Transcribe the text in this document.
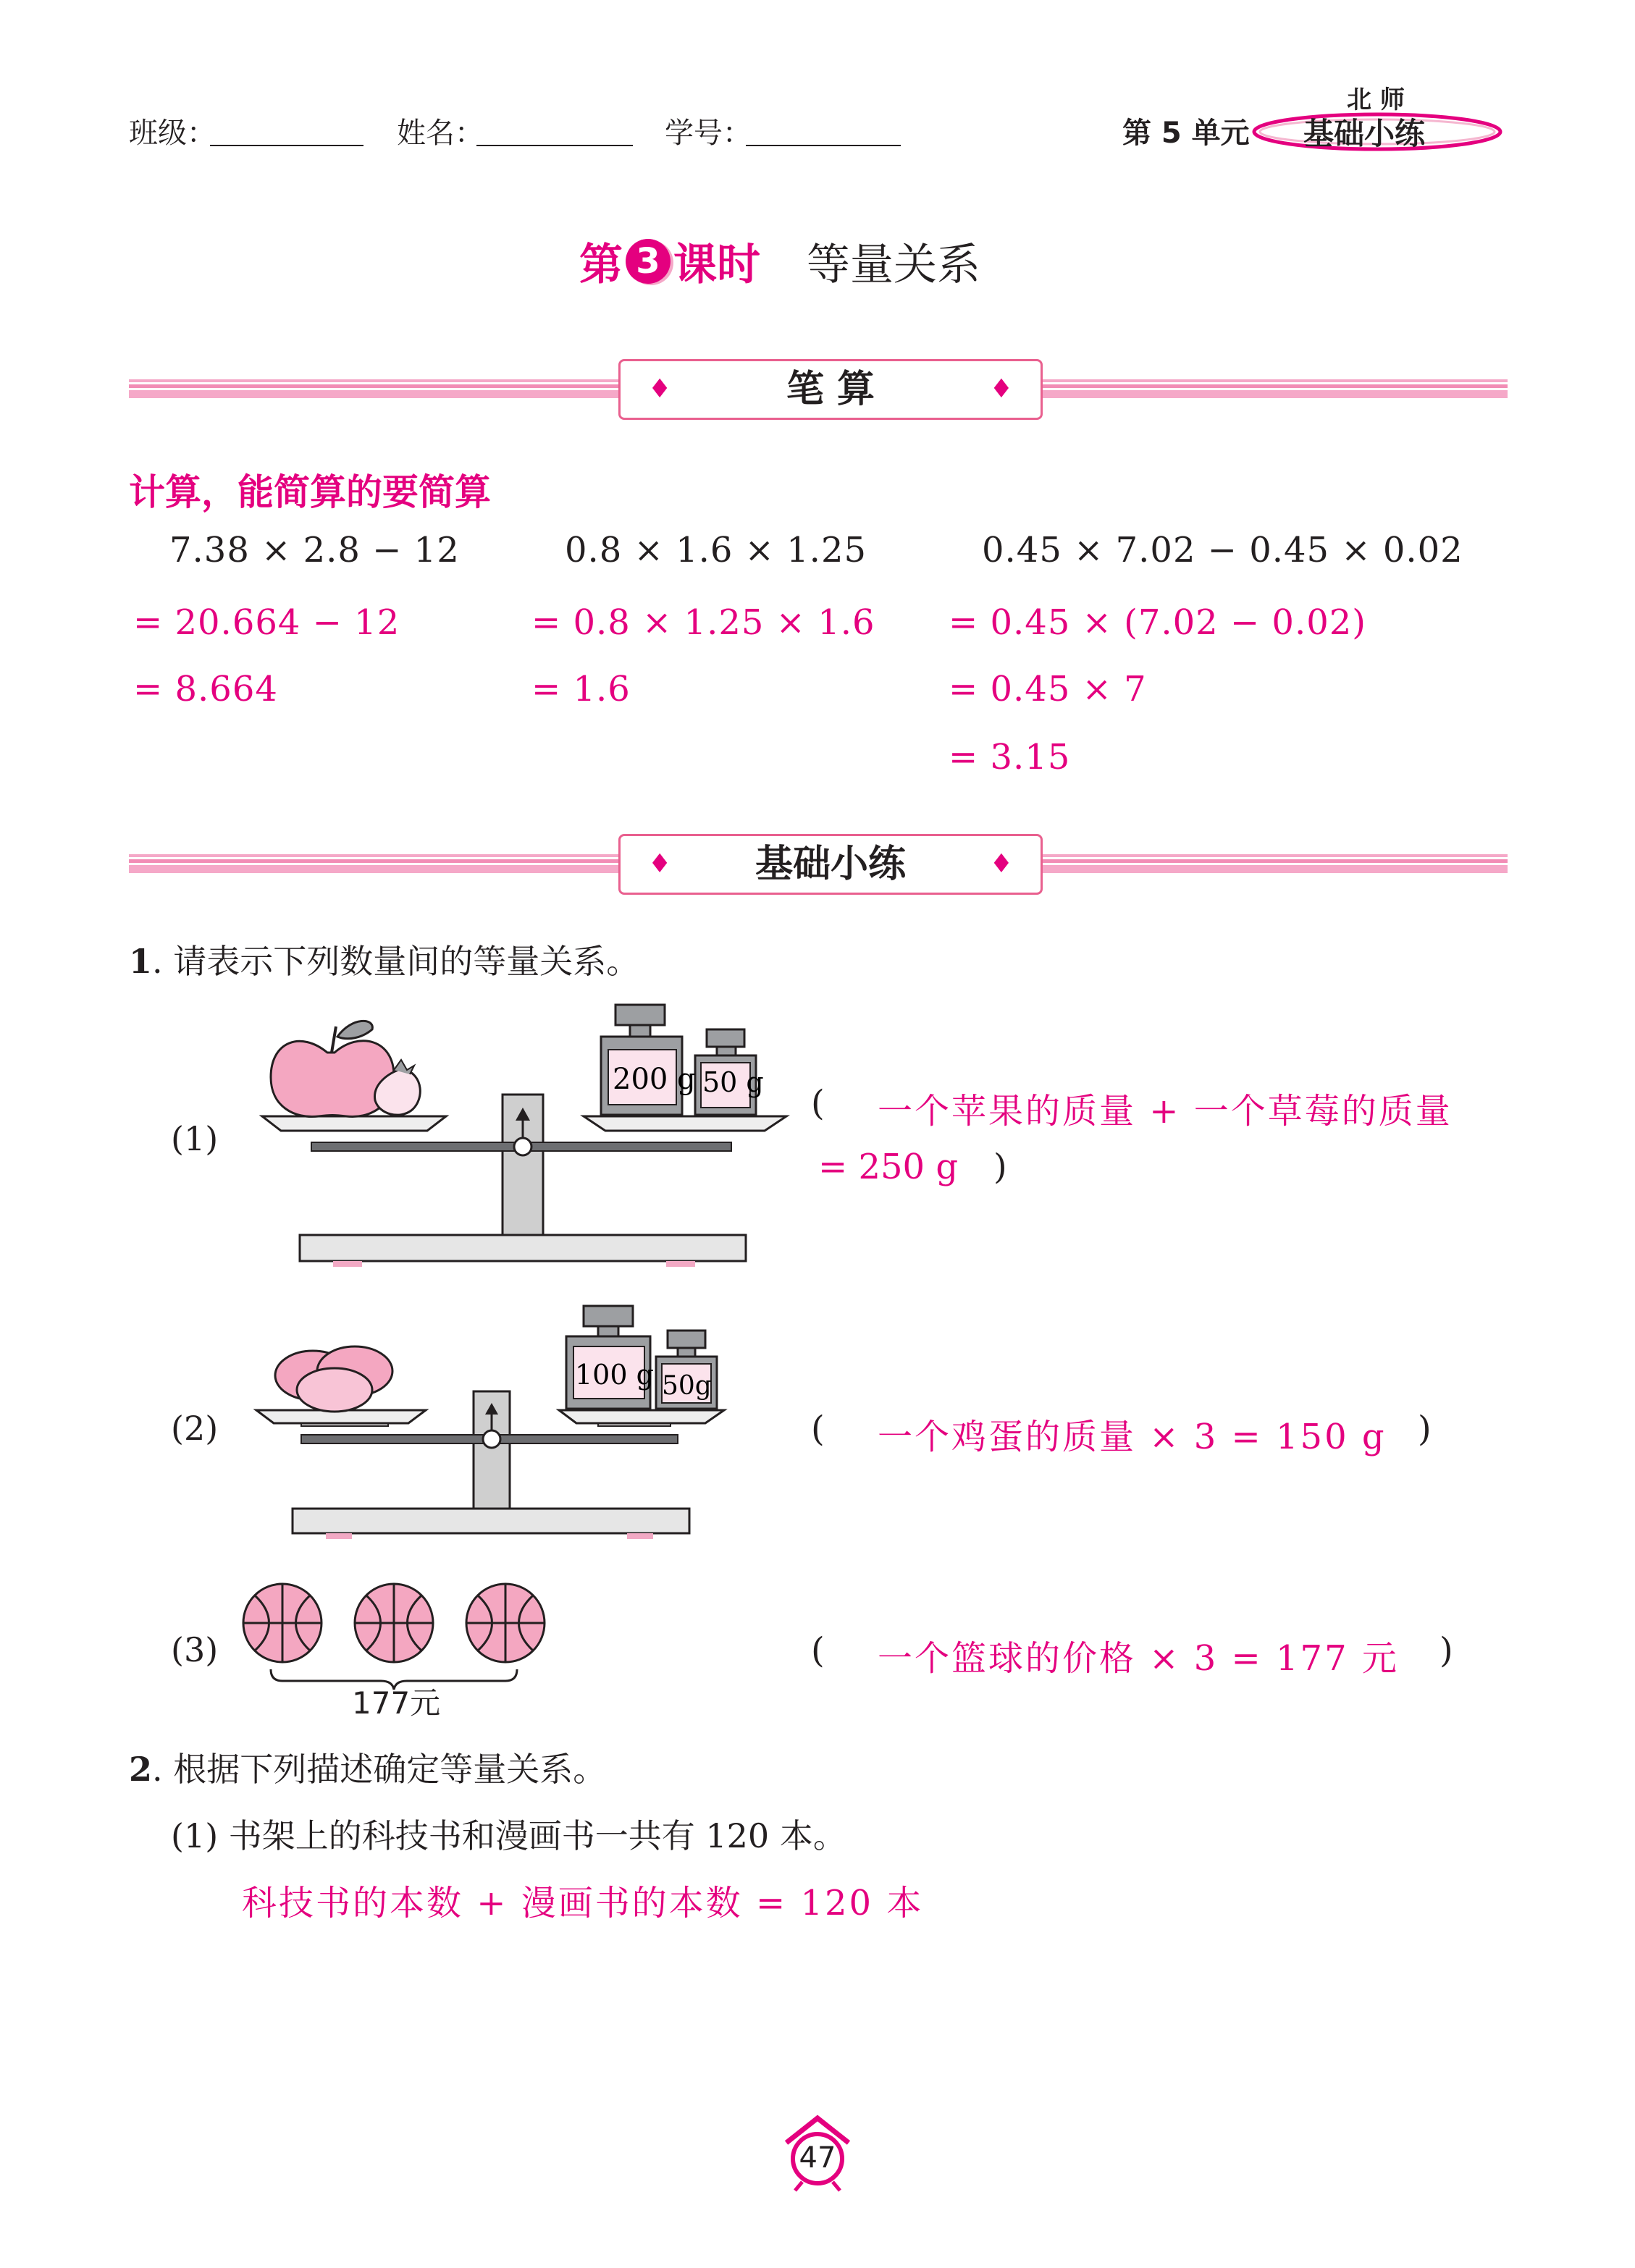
班级：	姓名：	学号：	第 5 单元
北 师
基础小练
第 3 课时 等量关系
♦	笔 算	♦
计算，能简算的要简算
7.38 × 2.8 − 12
= 20.664 − 12
= 8.664
0.8 × 1.6 × 1.25
= 0.8 × 1.25 × 1.6
= 1.6
0.45 × 7.02 − 0.45 × 0.02
= 0.45 × (7.02 − 0.02)
= 0.45 × 7
= 3.15
♦ 基础小练	♦
1. 请表示下列数量间的等量关系。
(1)
200 g 50 g
( 一个苹果的质量 + 一个草莓的质量
= 250 g )
(2)
100 g 50g
( 一个鸡蛋的质量 × 3 = 150 g )
(3)
177元
( 一个篮球的价格 × 3 = 177 元 )
2. 根据下列描述确定等量关系。
(1) 书架上的科技书和漫画书一共有 120 本。
科技书的本数 + 漫画书的本数 = 120 本
47
